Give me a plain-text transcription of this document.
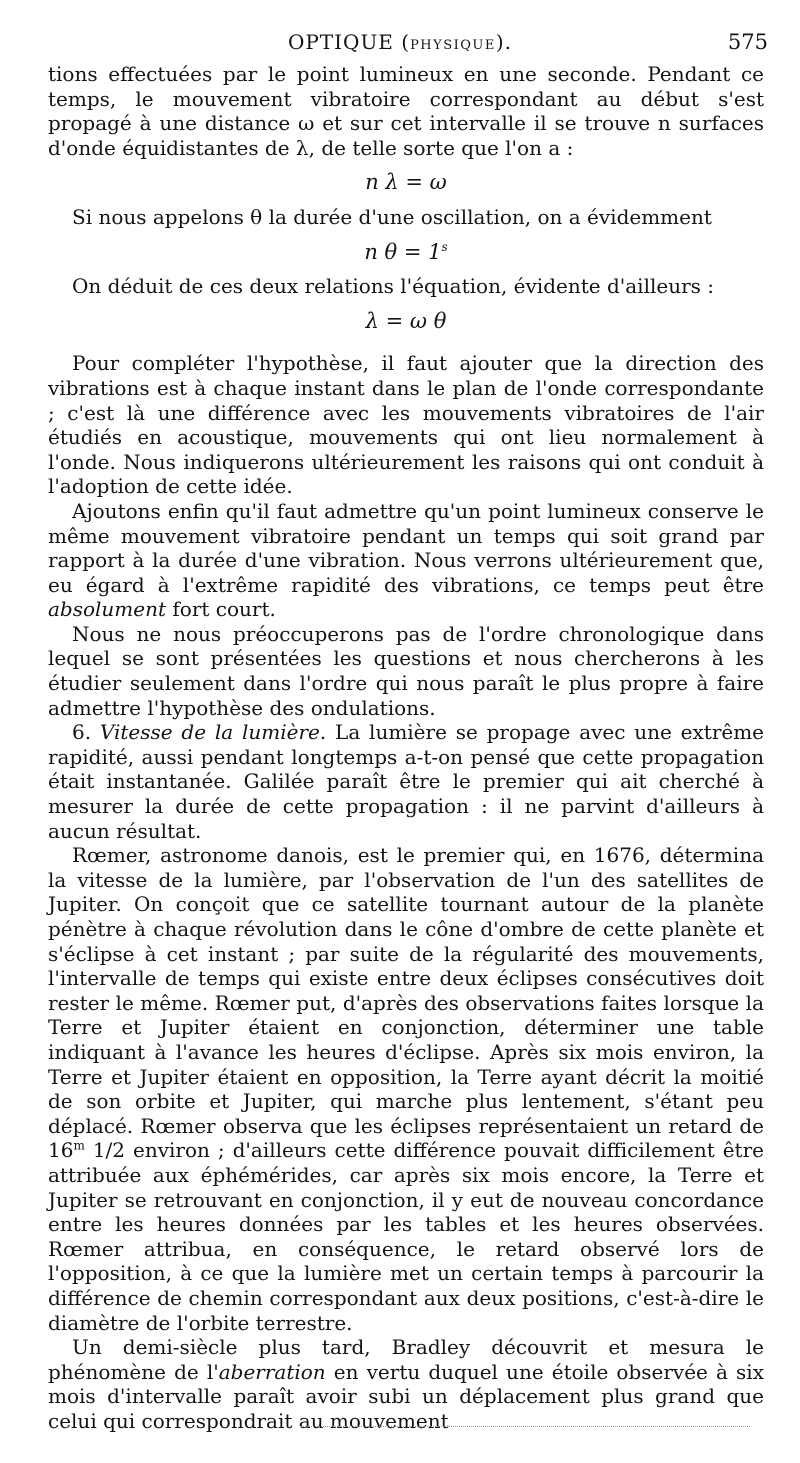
OPTIQUE (PHYSIQUE).	575

tions effectuées par le point lumineux en une seconde. Pendant ce temps, le mouvement vibratoire correspondant au début s'est propagé à une distance ω et sur cet intervalle il se trouve n surfaces d'onde équidistantes de λ, de telle sorte que l'on a :

n λ = ω

Si nous appelons θ la durée d'une oscillation, on a évidemment

n $\theta = 1^s$

On déduit de ces deux relations l'équation, évidente d'ailleurs :

λ = ω θ

Pour compléter l'hypothèse, il faut ajouter que la direction des vibrations est à chaque instant dans le plan de l'onde correspondante ; c'est là une différence avec les mouvements vibratoires de l'air étudiés en acoustique, mouvements qui ont lieu normalement à l'onde. Nous indiquerons ultérieurement les raisons qui ont conduit à l'adoption de cette idée.

Ajoutons enfin qu'il faut admettre qu'un point lumineux conserve le même mouvement vibratoire pendant un temps qui soit grand par rapport à la durée d'une vibration. Nous verrons ultérieurement que, eu égard à l'extrême rapidité des vibrations, ce temps peut être absolument fort court.

Nous ne nous préoccuperons pas de l'ordre chronologique dans lequel se sont présentées les questions et nous chercherons à les étudier seulement dans l'ordre qui nous paraît le plus propre à faire admettre l'hypothèse des ondulations.

6. Vitesse de la lumière. La lumière se propage avec une extrême rapidité, aussi pendant longtemps a-t-on pensé que cette propagation était instantanée. Galilée paraît être le premier qui ait cherché à mesurer la durée de cette propagation : il ne parvint d'ailleurs à aucun résultat.

Rœmer, astronome danois, est le premier qui, en 1676, détermina la vitesse de la lumière, par l'observation de l'un des satellites de Jupiter. On conçoit que ce satellite tournant autour de la planète pénètre à chaque révolution dans le cône d'ombre de cette planète et s'éclipse à cet instant ; par suite de la régularité des mouvements, l'intervalle de temps qui existe entre deux éclipses consécutives doit rester le même. Rœmer put, d'après des observations faites lorsque la Terre et Jupiter étaient en conjonction, déterminer une table indiquant à l'avance les heures d'éclipse. Après six mois environ, la Terre et Jupiter étaient en opposition, la Terre ayant décrit la moitié de son orbite et Jupiter, qui marche plus lentement, s'étant peu déplacé. Rœmer observa que les éclipses représentaient un retard de 16$^m$ 1/2 environ ; d'ailleurs cette différence pouvait difficilement être attribuée aux éphémérides, car après six mois encore, la Terre et Jupiter se retrouvant en conjonction, il y eut de nouveau concordance entre les heures données par les tables et les heures observées. Rœmer attribua, en conséquence, le retard observé lors de l'opposition, à ce que la lumière met un certain temps à parcourir la différence de chemin correspondant aux deux positions, c'est-à-dire le diamètre de l'orbite terrestre.

Un demi-siècle plus tard, Bradley découvrit et mesura le phénomène de l'aberration en vertu duquel une étoile observée à six mois d'intervalle paraît avoir subi un déplacement plus grand que celui qui correspondrait au mouvement
